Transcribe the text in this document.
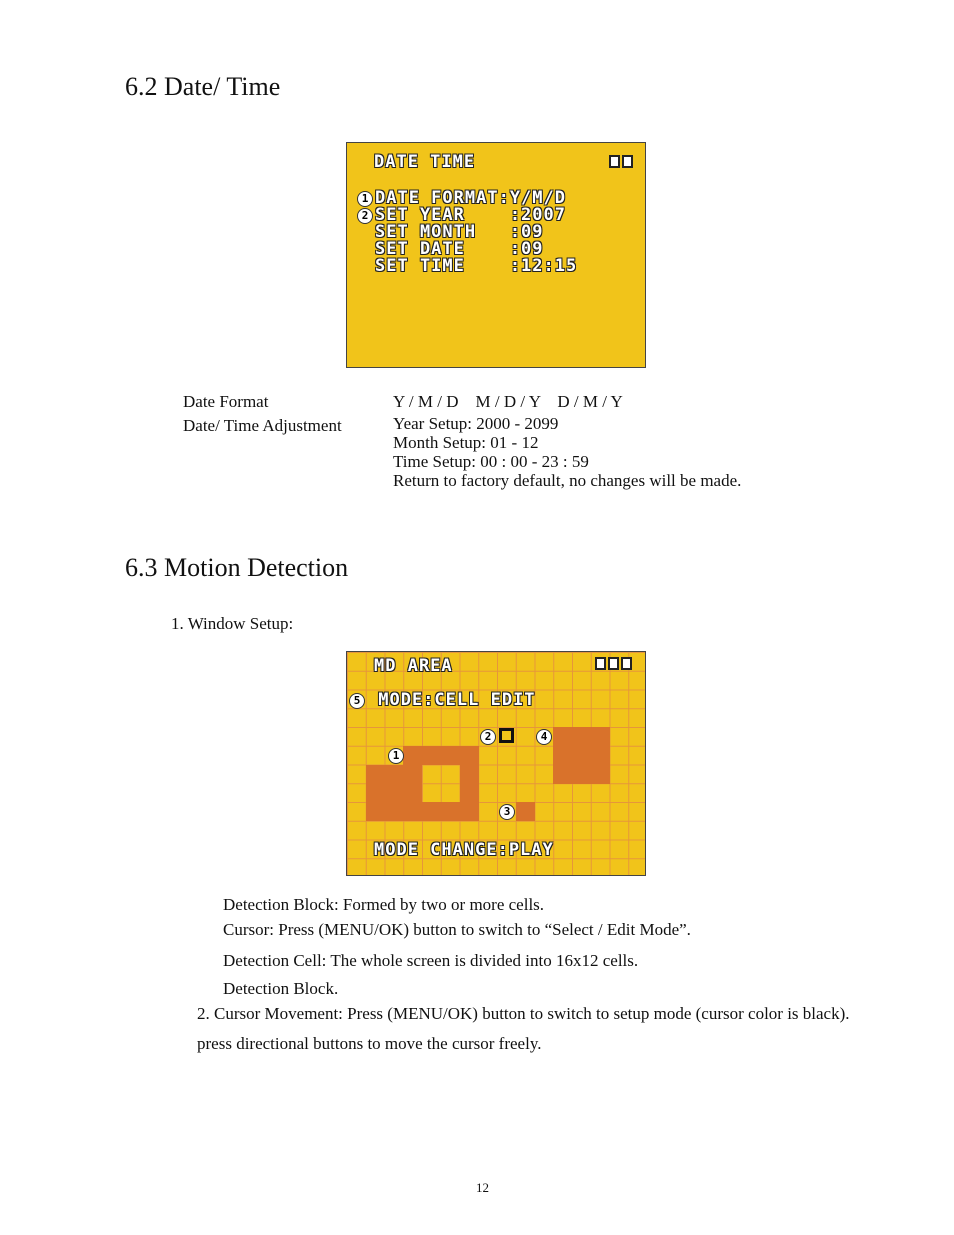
6.2 Date/ Time
DATE TIME
1 DATE FORMAT:Y/M/D
2 SET YEAR    :2007
SET MONTH   :09
SET DATE    :09
SET TIME    :12:15
Date Format	Y / M / D    M / D / Y    D / M / Y
Date/ Time Adjustment	Year Setup: 2000 - 2099
Month Setup: 01 - 12
Time Setup: 00 : 00 - 23 : 59
Return to factory default, no changes will be made.
6.3 Motion Detection
1. Window Setup:
MD AREA
5 MODE:CELL EDIT
1
2
3
4
MODE CHANGE:PLAY
Detection Block: Formed by two or more cells.
Cursor: Press (MENU/OK) button to switch to “Select / Edit Mode”.
Detection Cell: The whole screen is divided into 16x12 cells.
Detection Block.
2. Cursor Movement: Press (MENU/OK) button to switch to setup mode (cursor color is black).
press directional buttons to move the cursor freely.
12
